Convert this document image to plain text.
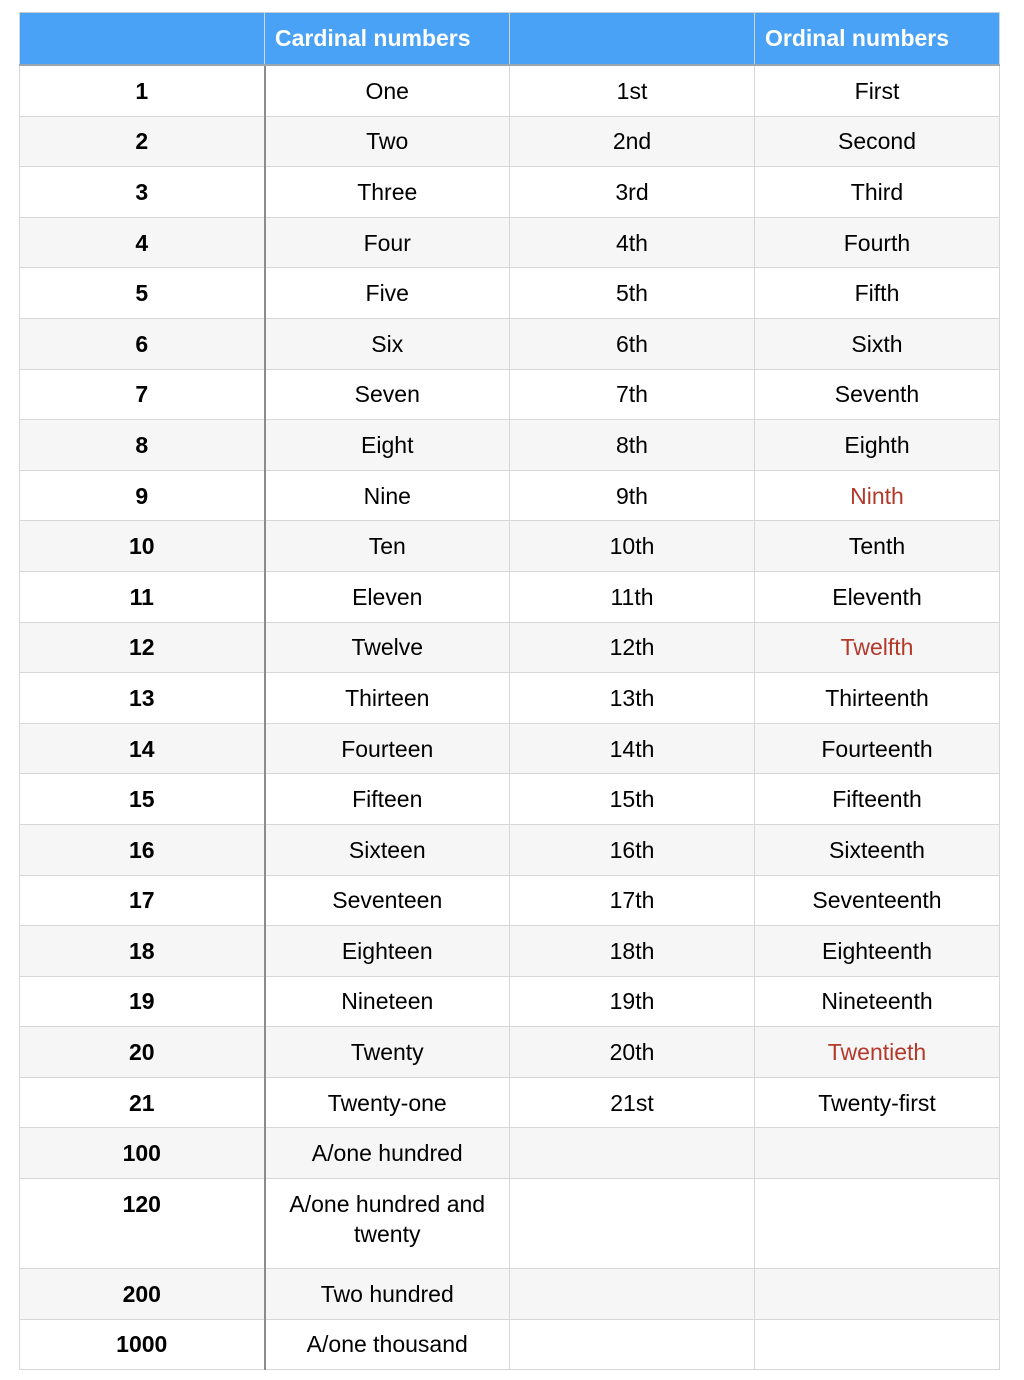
	Cardinal numbers		Ordinal numbers
1	One	1st	First
2	Two	2nd	Second
3	Three	3rd	Third
4	Four	4th	Fourth
5	Five	5th	Fifth
6	Six	6th	Sixth
7	Seven	7th	Seventh
8	Eight	8th	Eighth
9	Nine	9th	Ninth
10	Ten	10th	Tenth
11	Eleven	11th	Eleventh
12	Twelve	12th	Twelfth
13	Thirteen	13th	Thirteenth
14	Fourteen	14th	Fourteenth
15	Fifteen	15th	Fifteenth
16	Sixteen	16th	Sixteenth
17	Seventeen	17th	Seventeenth
18	Eighteen	18th	Eighteenth
19	Nineteen	19th	Nineteenth
20	Twenty	20th	Twentieth
21	Twenty-one	21st	Twenty-first
100	A/one hundred		
120	A/one hundred and twenty		
200	Two hundred		
1000	A/one thousand		
